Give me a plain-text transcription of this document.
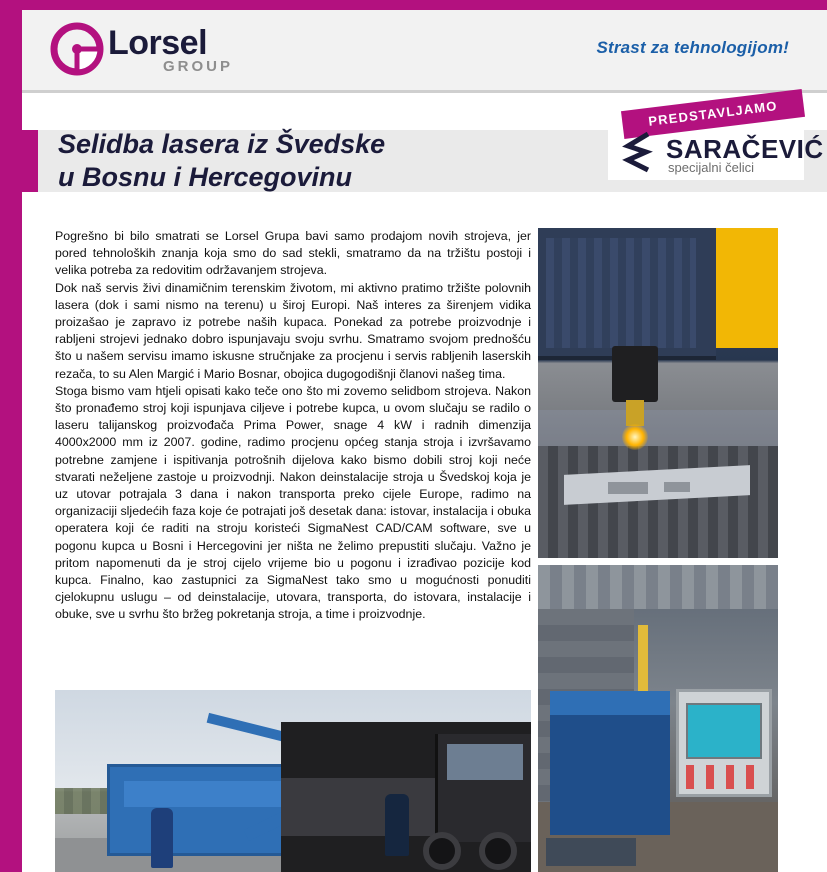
Lorsel
GROUP
Strast za tehnologijom!
Selidba lasera iz Švedske
u Bosnu i Hercegovinu
PREDSTAVLJAMO
SARAČEVIĆ
specijalni čelici

Pogrešno bi bilo smatrati se Lorsel Grupa bavi samo prodajom novih strojeva, jer pored tehnološkіh znanja koja smo do sad stekli, smatramo da na tržištu postoji i velika potreba za redovitim održavanjem strojeva.

Dok naš servis živi dinamičnim terenskim životom, mi aktivno pratimo tržište polovnih lasera (dok i sami nismo na terenu) u široj Europi. Naš interes za širenjem vidika proizašao je zapravo iz potrebe naših kupaca. Ponekad za potrebe proizvodnje i rabljeni strojevi jednako dobro ispunjavaju svoju svrhu. Smatramo svojom prednošću što u našem servisu imamo iskusne stručnjake za procjenu i servis rabljenih laserskih rezača, to su Alen Margić i Mario Bosnar, obojica dugogodišnji članovi našeg tima.

Stoga bismo vam htjeli opisati kako teče ono što mi zovemo selidbom strojeva. Nakon što pronađemo stroj koji ispunjava ciljeve i potrebe kupca, u ovom slučaju se radilo o laseru talijanskog proizvođača Prima Power, snage 4 kW i radnih dimenzija 4000x2000 mm iz 2007. godine, radimo procjenu općeg stanja stroja i izvršavamo potrebne zamjene i ispitivanja potrošnih dijelova kako bismo dobili stroj koji neće stvarati neželjene zastoje u proizvodnji. Nakon deinstalacije stroja u Švedskoj koja je uz utovar potrajala 3 dana i nakon transporta preko cijele Europe, radimo na organizaciji sljedećih faza koje će potrajati još desetak dana: istovar, instalacija i obuka operatera koji će raditi na stroju koristeći SigmaNest CAD/CAM software, sve u pogonu kupca u Bosni i Hercegovini jer ništa ne želimo prepustiti slučaju. Važno je pritom napomenuti da je stroj cijelo vrijeme bio u pogonu i izrađivao pozicije kod kupca. Finalno, kao zastupnici za SigmaNest tako smo u mogućnosti ponuditi cjelokupnu uslugu – od deinstalacije, utovara, transporta, do istovara, instalacije i obuke, sve u svrhu što bržeg pokretanja stroja, a time i proizvodnje.
